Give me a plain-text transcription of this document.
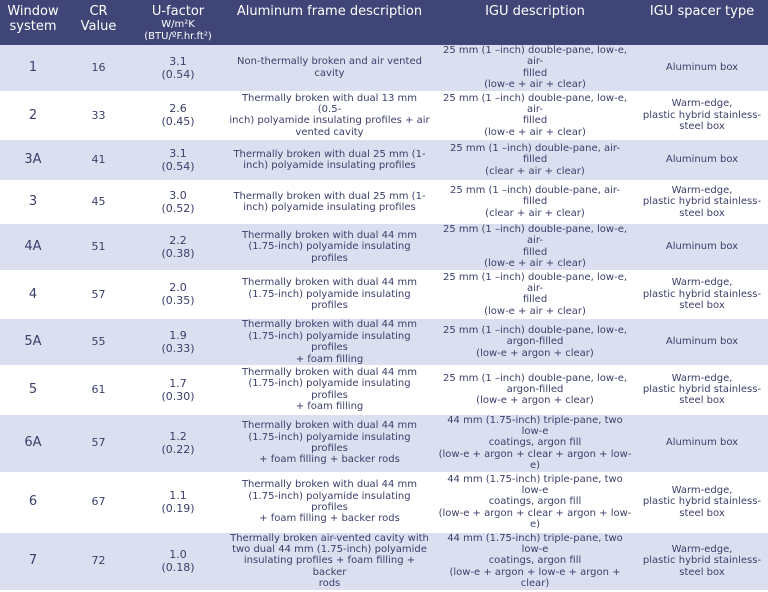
Window
system	CR
Value	U-factor
W/m²K
(BTU/ºF.hr.ft²)	Aluminum frame description	IGU description	IGU spacer type
1	16	3.1
(0.54)	Non-thermally broken and air vented
cavity	25 mm (1 –inch) double-pane, low-e, air-
filled
(low-e + air + clear)	Aluminum box

2	33	2.6
(0.45)	Thermally broken with dual 13 mm (0.5-
inch) polyamide insulating profiles + air
vented cavity	25 mm (1 –inch) double-pane, low-e, air-
filled
(low-e + air + clear)	Warm-edge,
plastic hybrid stainless-
steel box

3A	41	3.1
(0.54)	Thermally broken with dual 25 mm (1-
inch) polyamide insulating profiles	25 mm (1 –inch) double-pane, air-filled
(clear + air + clear)	Aluminum box

3	45	3.0
(0.52)	Thermally broken with dual 25 mm (1-
inch) polyamide insulating profiles	25 mm (1 –inch) double-pane, air-filled
(clear + air + clear)	Warm-edge,
plastic hybrid stainless-
steel box

4A	51	2.2
(0.38)	Thermally broken with dual 44 mm
(1.75-inch) polyamide insulating profiles	25 mm (1 –inch) double-pane, low-e, air-
filled
(low-e + air + clear)	Aluminum box

4	57	2.0
(0.35)	Thermally broken with dual 44 mm
(1.75-inch) polyamide insulating profiles	25 mm (1 –inch) double-pane, low-e, air-
filled
(low-e + air + clear)	Warm-edge,
plastic hybrid stainless-
steel box

5A	55	1.9
(0.33)	Thermally broken with dual 44 mm
(1.75-inch) polyamide insulating profiles
+ foam filling	25 mm (1 –inch) double-pane, low-e,
argon-filled
(low-e + argon + clear)	Aluminum box

5	61	1.7
(0.30)	Thermally broken with dual 44 mm
(1.75-inch) polyamide insulating profiles
+ foam filling	25 mm (1 –inch) double-pane, low-e,
argon-filled
(low-e + argon + clear)	Warm-edge,
plastic hybrid stainless-
steel box

6A	57	1.2
(0.22)	Thermally broken with dual 44 mm
(1.75-inch) polyamide insulating profiles
+ foam filling + backer rods	44 mm (1.75-inch) triple-pane, two low-e
coatings, argon fill
(low-e + argon + clear + argon + low-e)	Aluminum box

6	67	1.1
(0.19)	Thermally broken with dual 44 mm
(1.75-inch) polyamide insulating profiles
+ foam filling + backer rods	44 mm (1.75-inch) triple-pane, two low-e
coatings, argon fill
(low-e + argon + clear + argon + low-e)	Warm-edge,
plastic hybrid stainless-
steel box

7	72	1.0
(0.18)	Thermally broken air-vented cavity with
two dual 44 mm (1.75-inch) polyamide
insulating profiles + foam filling + backer
rods	44 mm (1.75-inch) triple-pane, two low-e
coatings, argon fill
(low-e + argon + low-e + argon + clear)	Warm-edge,
plastic hybrid stainless-
steel box
